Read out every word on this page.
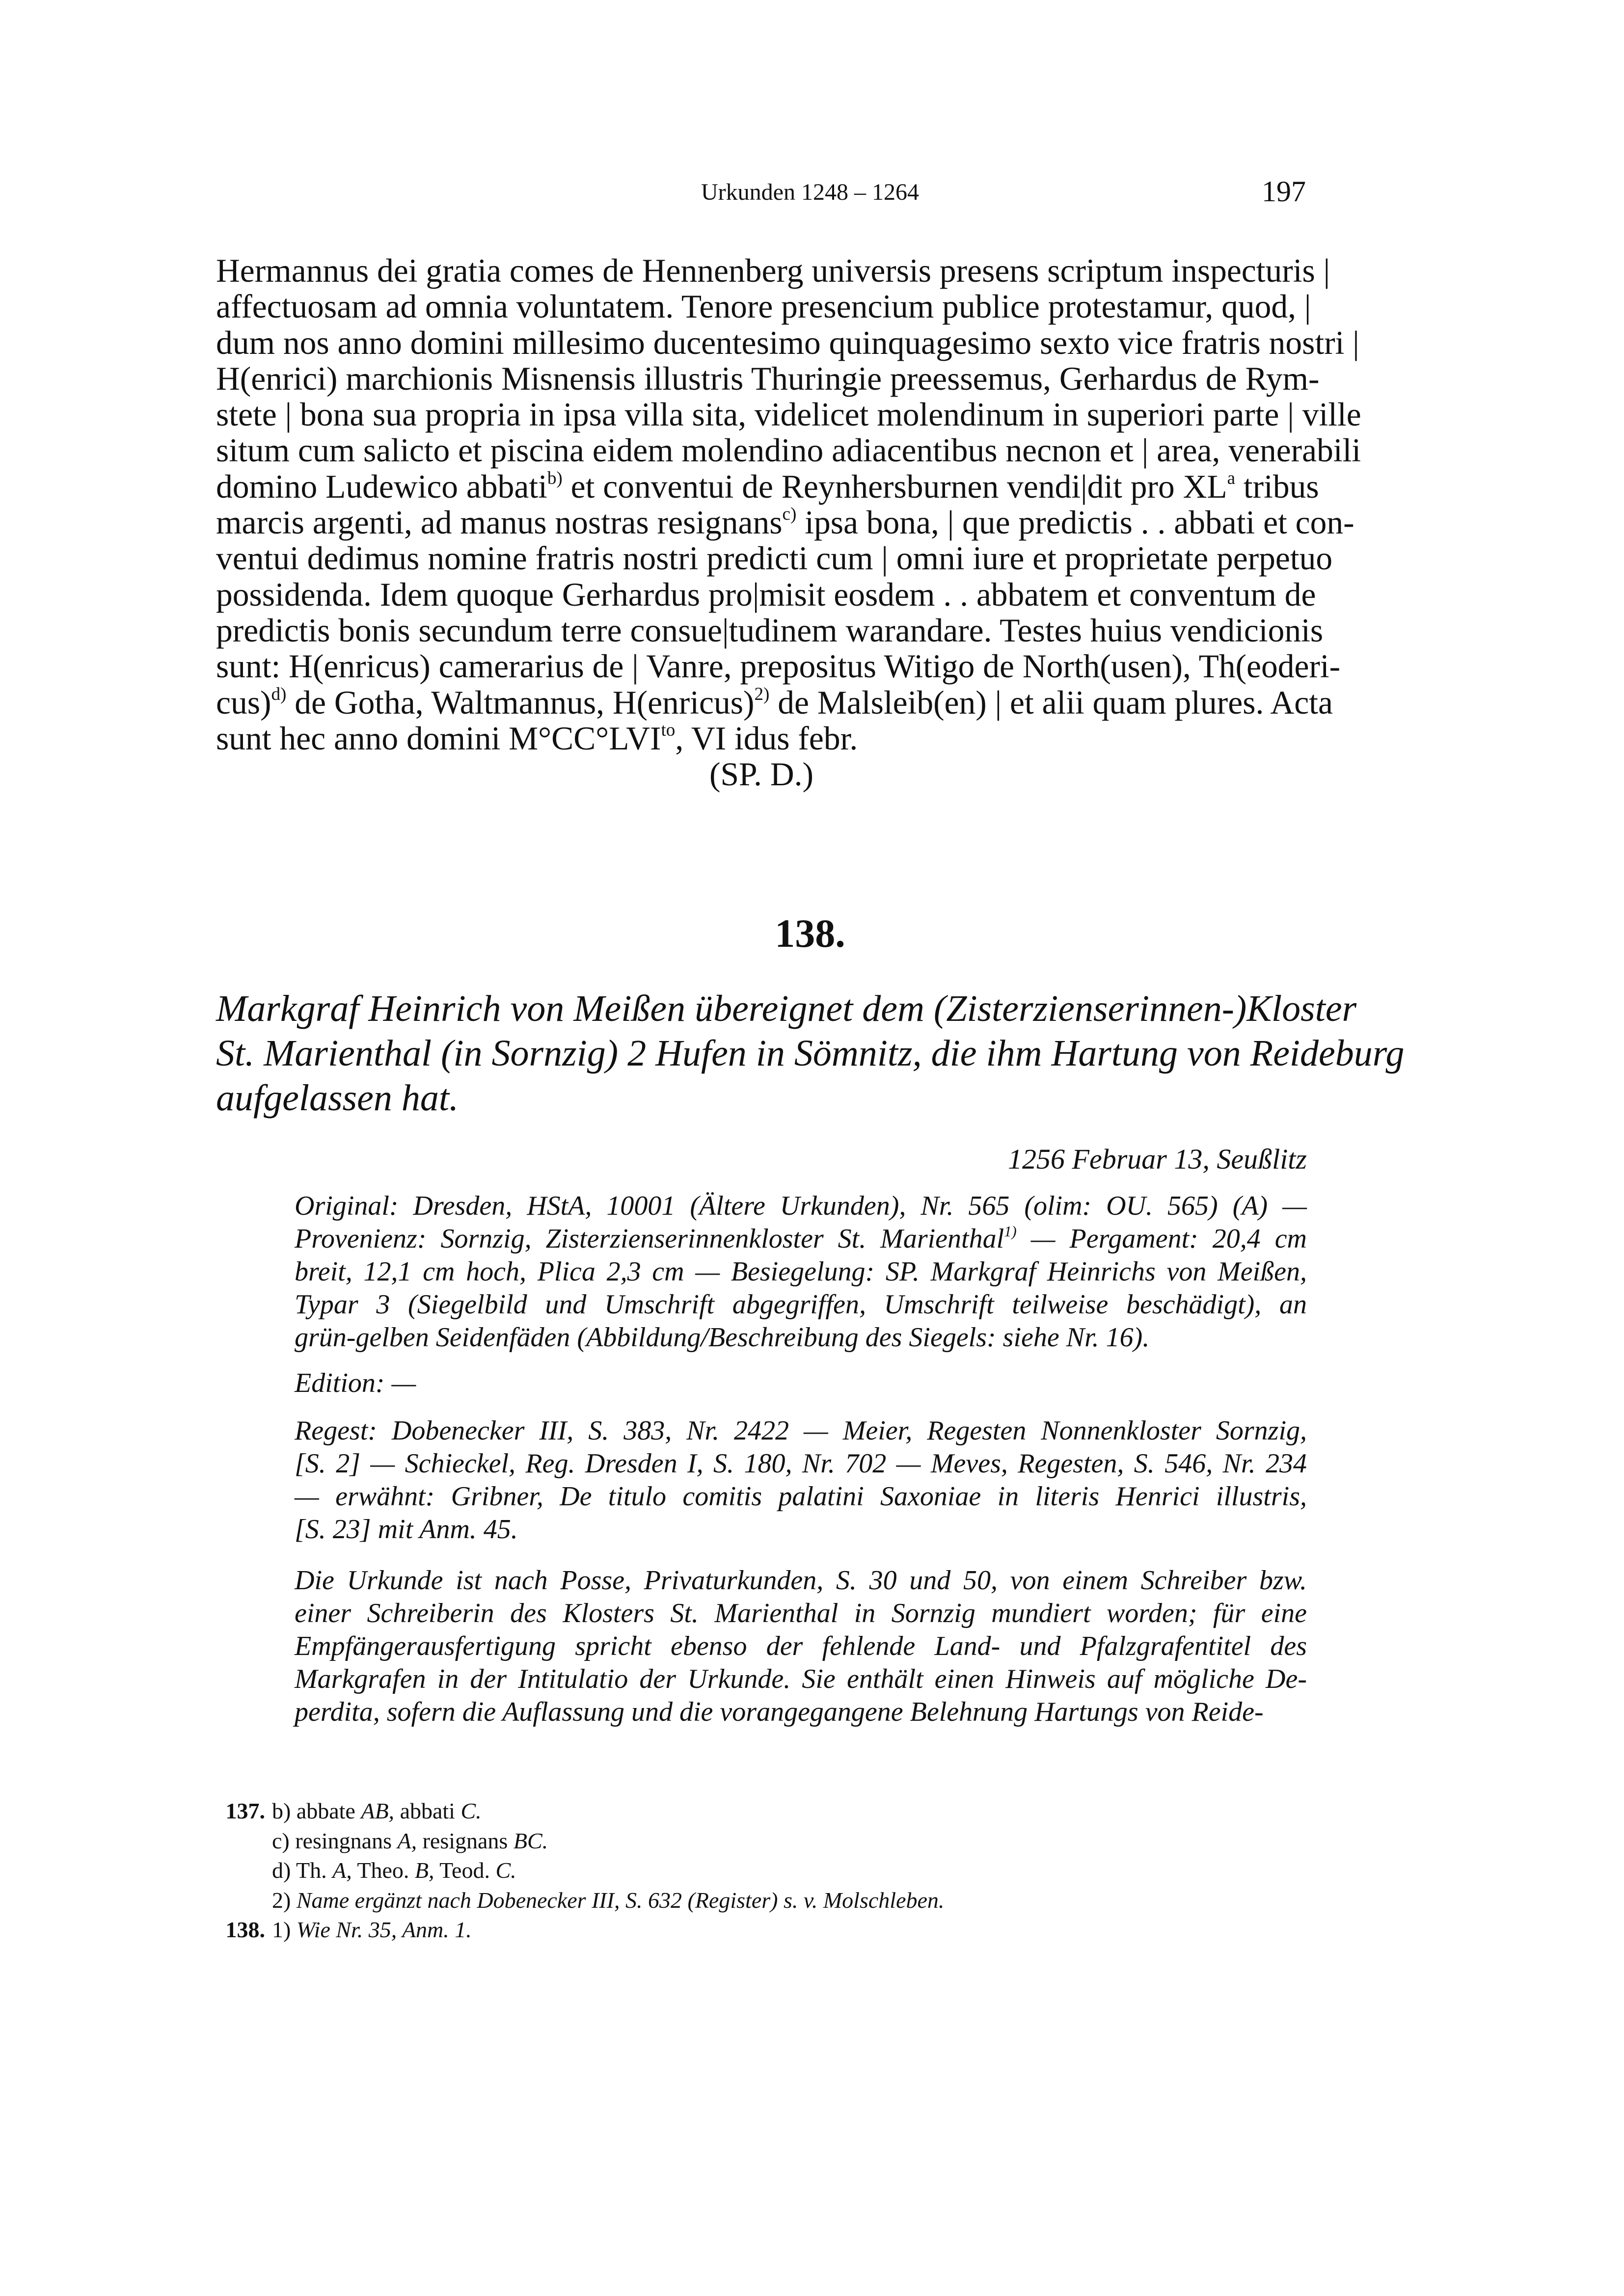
Urkunden 1248 – 1264	197
Hermannus dei gratia comes de Hennenberg universis presens scriptum inspecturis |
affectuosam ad omnia voluntatem. Tenore presencium publice protestamur, quod, |
dum nos anno domini millesimo ducentesimo quinquagesimo sexto vice fratris nostri |
H(enrici) marchionis Misnensis illustris Thuringie preessemus, Gerhardus de Rym-
stete | bona sua propria in ipsa villa sita, videlicet molendinum in superiori parte | ville
situm cum salicto et piscina eidem molendino adiacentibus necnon et | area, venerabili
domino Ludewico abbati$^{b)}$ et conventui de Reynhersburnen vendi|dit pro $XL^a$ tribus
marcis argenti, ad manus nostras resignans$^{c)}$ ipsa bona, | que predictis . . abbati et con-
ventui dedimus nomine fratris nostri predicti cum | omni iure et proprietate perpetuo
possidenda. Idem quoque Gerhardus pro|misit eosdem . . abbatem et conventum de
predictis bonis secundum terre consue|tudinem warandare. Testes huius vendicionis
sunt: H(enricus) camerarius de | Vanre, prepositus Witigo de North(usen), Th(eoderi-
cus)$^{d)}$ de Gotha, Waltmannus, H(enricus)$^{2)}$ de Malsleib(en) | et alii quam plures. Acta
sunt hec anno domini $M^\circ CC^\circ LVI^{to}$, VI idus febr.
(SP. D.)
138.
Markgraf Heinrich von Meißen übereignet dem (Zisterzienserinnen-)Kloster
St. Marienthal (in Sornzig) 2 Hufen in Sömnitz, die ihm Hartung von Reideburg
aufgelassen hat.
1256 Februar 13, Seußlitz
Original: Dresden, HStA, 10001 (Ältere Urkunden), Nr. 565 (olim: OU. 565) (A) —
Provenienz: Sornzig, Zisterzienserinnenkloster St. Marienthal$^{1)}$ — Pergament: 20,4 cm
breit, 12,1 cm hoch, Plica 2,3 cm — Besiegelung: SP. Markgraf Heinrichs von Meißen,
Typar 3 (Siegelbild und Umschrift abgegriffen, Umschrift teilweise beschädigt), an
grün-gelben Seidenfäden (Abbildung/Beschreibung des Siegels: siehe Nr. 16).
Edition: —
Regest: Dobenecker III, S. 383, Nr. 2422 — Meier, Regesten Nonnenkloster Sornzig,
[S. 2] — Schieckel, Reg. Dresden I, S. 180, Nr. 702 — Meves, Regesten, S. 546, Nr. 234
— erwähnt: Gribner, De titulo comitis palatini Saxoniae in literis Henrici illustris,
[S. 23] mit Anm. 45.
Die Urkunde ist nach Posse, Privaturkunden, S. 30 und 50, von einem Schreiber bzw.
einer Schreiberin des Klosters St. Marienthal in Sornzig mundiert worden; für eine
Empfängerausfertigung spricht ebenso der fehlende Land- und Pfalzgrafentitel des
Markgrafen in der Intitulatio der Urkunde. Sie enthält einen Hinweis auf mögliche De-
perdita, sofern die Auflassung und die vorangegangene Belehnung Hartungs von Reide-
137. b) abbate AB, abbati C.
c) resingnans A, resignans BC.
d) Th. A, Theo. B, Teod. C.
2) Name ergänzt nach Dobenecker III, S. 632 (Register) s. v. Molschleben.
138. 1) Wie Nr. 35, Anm. 1.
